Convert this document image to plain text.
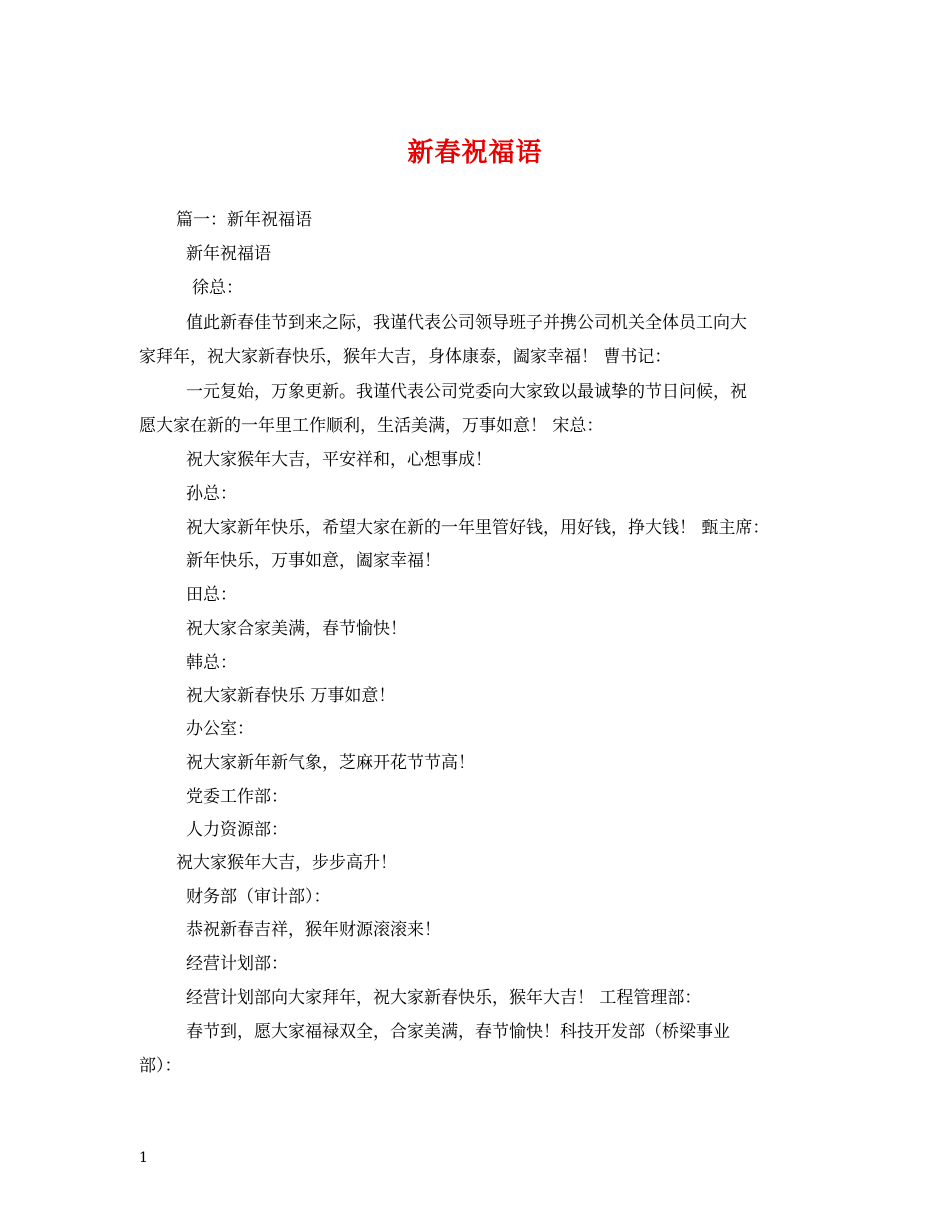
新春祝福语
篇一：新年祝福语
新年祝福语
徐总：
值此新春佳节到来之际，我谨代表公司领导班子并携公司机关全体员工向大
家拜年，祝大家新春快乐，猴年大吉，身体康泰，阖家幸福！ 曹书记：
一元复始，万象更新。我谨代表公司党委向大家致以最诚挚的节日问候，祝
愿大家在新的一年里工作顺利，生活美满，万事如意！ 宋总：
祝大家猴年大吉，平安祥和，心想事成！
孙总：
祝大家新年快乐，希望大家在新的一年里管好钱，用好钱，挣大钱！ 甄主席：
新年快乐，万事如意，阖家幸福！
田总：
祝大家合家美满，春节愉快！
韩总：
祝大家新春快乐 万事如意！
办公室：
祝大家新年新气象，芝麻开花节节高！
党委工作部：
人力资源部：
祝大家猴年大吉，步步高升！
财务部（审计部）：
恭祝新春吉祥，猴年财源滚滚来！
经营计划部：
经营计划部向大家拜年，祝大家新春快乐，猴年大吉！ 工程管理部：
春节到，愿大家福禄双全，合家美满，春节愉快！科技开发部（桥梁事业
部）：
1
